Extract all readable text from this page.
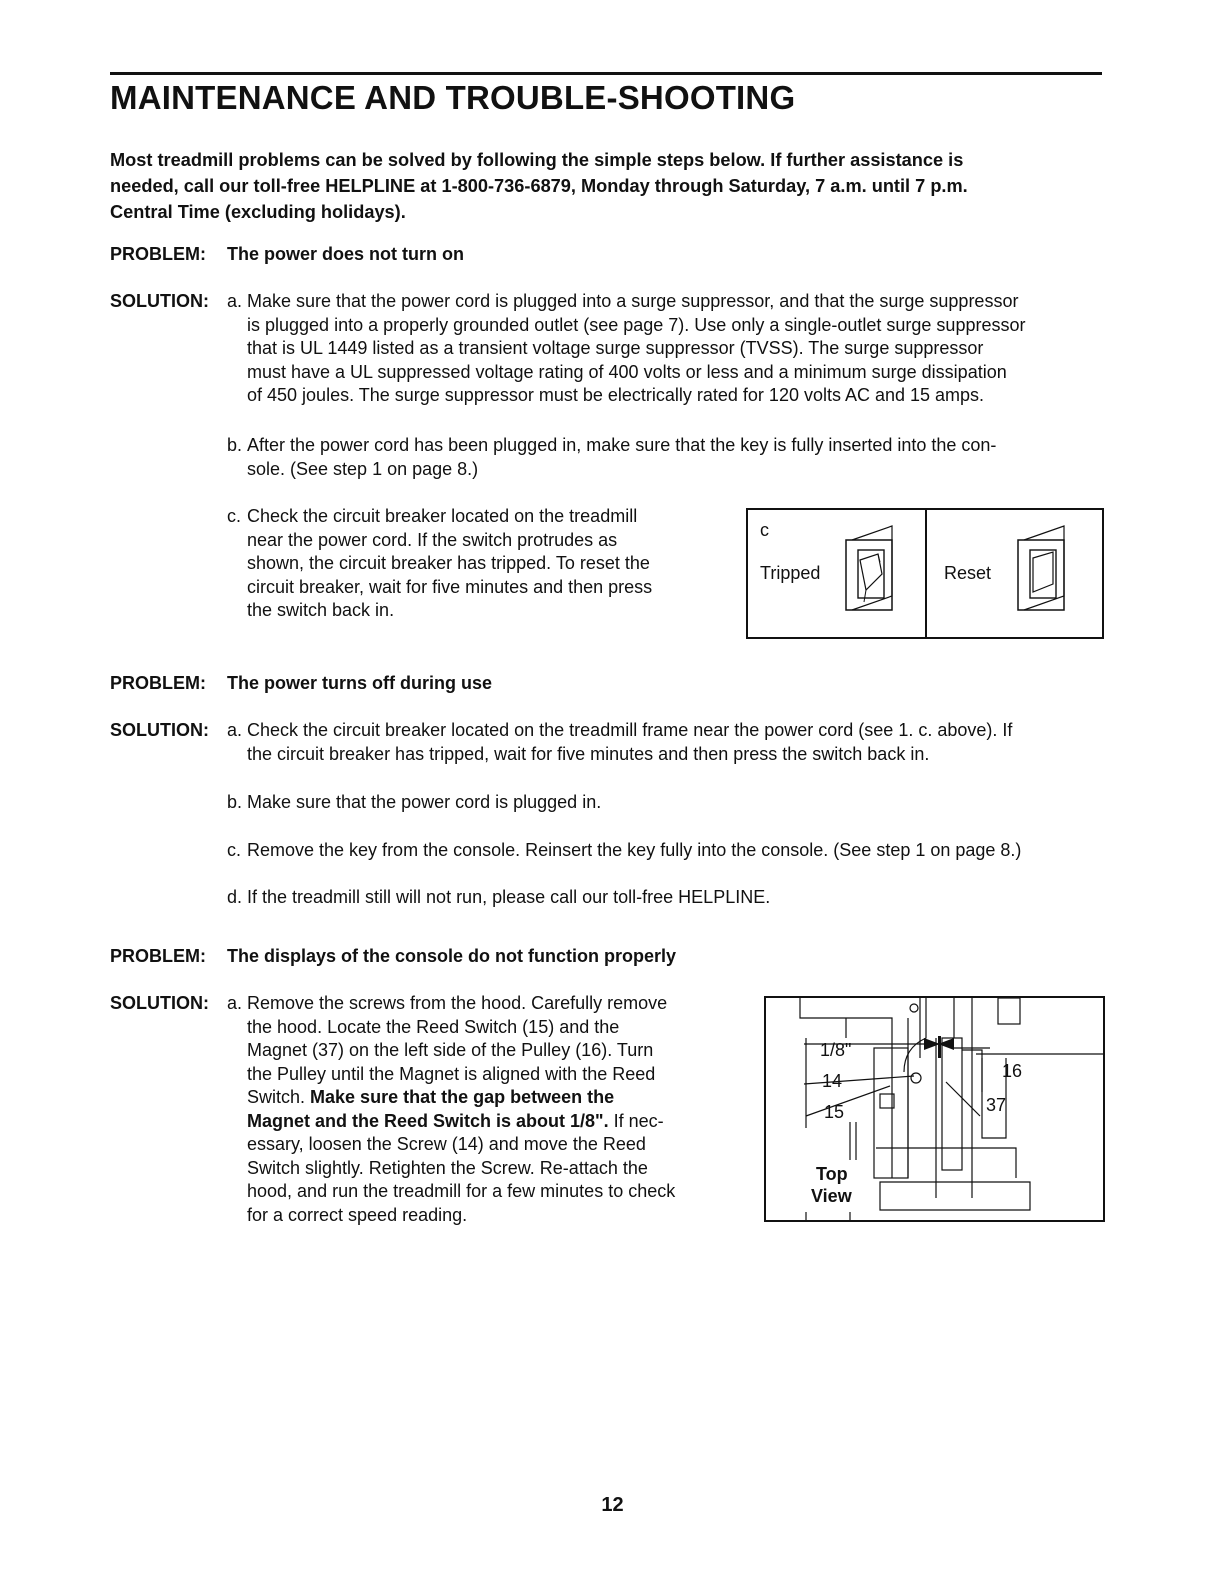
MAINTENANCE AND TROUBLE-SHOOTING
Most treadmill problems can be solved by following the simple steps below. If further assistance is
needed, call our toll-free HELPLINE at 1-800-736-6879, Monday through Saturday, 7 a.m. until 7 p.m.
Central Time (excluding holidays).
PROBLEM: The power does not turn on
SOLUTION: a. Make sure that the power cord is plugged into a surge suppressor, and that the surge suppressor
is plugged into a properly grounded outlet (see page 7). Use only a single-outlet surge suppressor
that is UL 1449 listed as a transient voltage surge suppressor (TVSS). The surge suppressor
must have a UL suppressed voltage rating of 400 volts or less and a minimum surge dissipation
of 450 joules. The surge suppressor must be electrically rated for 120 volts AC and 15 amps.
b. After the power cord has been plugged in, make sure that the key is fully inserted into the con-
sole. (See step 1 on page 8.)
c. Check the circuit breaker located on the treadmill
near the power cord. If the switch protrudes as
shown, the circuit breaker has tripped. To reset the
circuit breaker, wait for five minutes and then press
the switch back in.
c
Tripped	Reset
PROBLEM: The power turns off during use
SOLUTION: a. Check the circuit breaker located on the treadmill frame near the power cord (see 1. c. above). If
the circuit breaker has tripped, wait for five minutes and then press the switch back in.
b. Make sure that the power cord is plugged in.
c. Remove the key from the console. Reinsert the key fully into the console. (See step 1 on page 8.)
d. If the treadmill still will not run, please call our toll-free HELPLINE.
PROBLEM: The displays of the console do not function properly
SOLUTION: a. Remove the screws from the hood. Carefully remove
the hood. Locate the Reed Switch (15) and the
Magnet (37) on the left side of the Pulley (16). Turn
the Pulley until the Magnet is aligned with the Reed
Switch. Make sure that the gap between the
Magnet and the Reed Switch is about 1/8". If nec-
essary, loosen the Screw (14) and move the Reed
Switch slightly. Retighten the Screw. Re-attach the
hood, and run the treadmill for a few minutes to check
for a correct speed reading.
1/8"
14
15
16
37
Top
View
12
